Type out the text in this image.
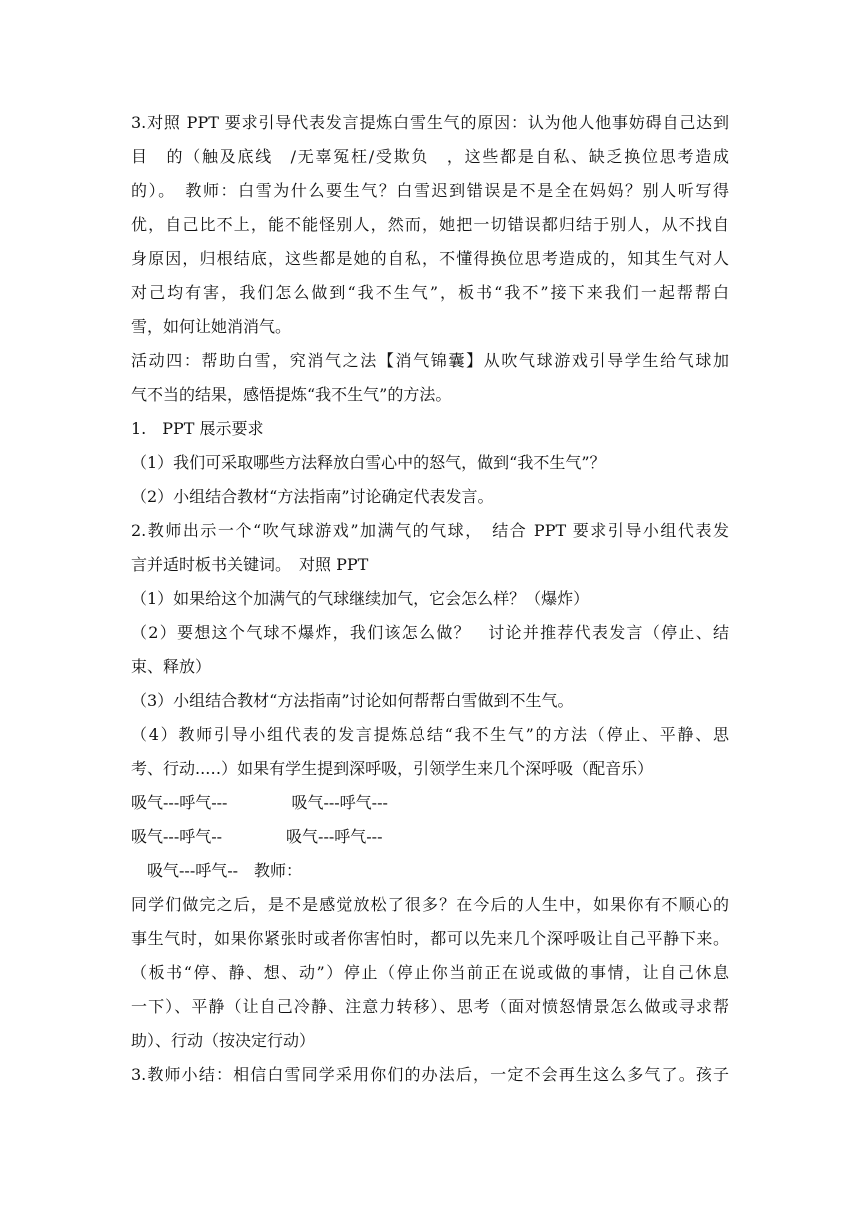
3.对照 PPT 要求引导代表发言提炼白雪生气的原因：认为他人他事妨碍自己达到
目　的（触及底线　/无辜冤枉/受欺负　，这些都是自私、缺乏换位思考造成
的）。　教师：白雪为什么要生气？白雪迟到错误是不是全在妈妈？别人听写得
优，自己比不上，能不能怪别人，然而，她把一切错误都归结于别人，从不找自
身原因，归根结底，这些都是她的自私，不懂得换位思考造成的，知其生气对人
对己均有害，我们怎么做到“我不生气”，板书“我不”接下来我们一起帮帮白
雪，如何让她消消气。
活动四：帮助白雪，究消气之法【消气锦囊】从吹气球游戏引导学生给气球加
气不当的结果，感悟提炼“我不生气”的方法。
1.　PPT 展示要求
（1）我们可采取哪些方法释放白雪心中的怒气，做到“我不生气”？
（2）小组结合教材“方法指南”讨论确定代表发言。
2.教师出示一个“吹气球游戏”加满气的气球，　结合 PPT 要求引导小组代表发
言并适时板书关键词。　对照 PPT
（1）如果给这个加满气的气球继续加气，它会怎么样？（爆炸）
（2）要想这个气球不爆炸，我们该怎么做？　讨论并推荐代表发言（停止、结
束、释放）
（3）小组结合教材“方法指南”讨论如何帮帮白雪做到不生气。
（4）教师引导小组代表的发言提炼总结“我不生气”的方法（停止、平静、思
考、行动..…）如果有学生提到深呼吸，引领学生来几个深呼吸（配音乐）
吸气---呼气---　　　　吸气---呼气---
吸气---呼气--　　　　吸气---呼气---
　吸气---呼气--　教师：
同学们做完之后，是不是感觉放松了很多？在今后的人生中，如果你有不顺心的
事生气时，如果你紧张时或者你害怕时，都可以先来几个深呼吸让自己平静下来。
（板书“停、静、想、动”）停止（停止你当前正在说或做的事情，让自己休息
一下）、平静（让自己冷静、注意力转移）、思考（面对愤怒情景怎么做或寻求帮
助）、行动（按决定行动）
3.教师小结：相信白雪同学采用你们的办法后，一定不会再生这么多气了。孩子
